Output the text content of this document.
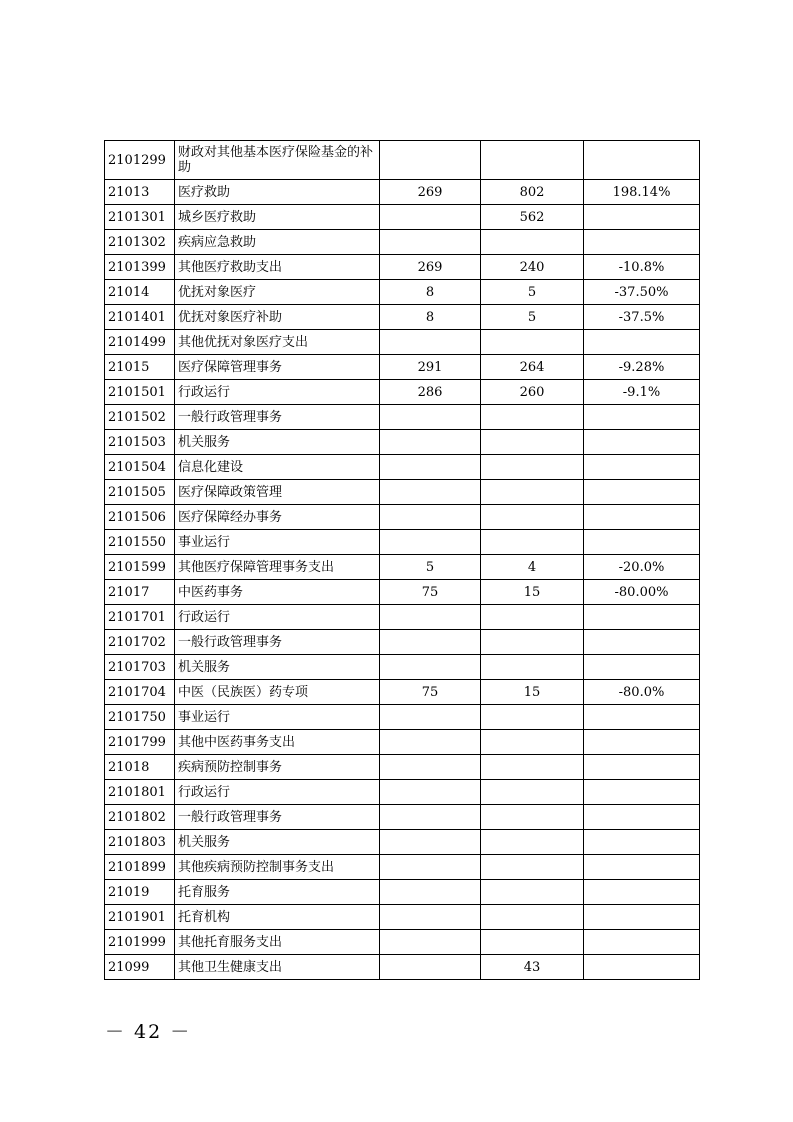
2101299	财政对其他基本医疗保险基金的补助			
21013	医疗救助	269	802	198.14%
2101301	城乡医疗救助		562	
2101302	疾病应急救助			
2101399	其他医疗救助支出	269	240	-10.8%
21014	优抚对象医疗	8	5	-37.50%
2101401	优抚对象医疗补助	8	5	-37.5%
2101499	其他优抚对象医疗支出			
21015	医疗保障管理事务	291	264	-9.28%
2101501	行政运行	286	260	-9.1%
2101502	一般行政管理事务			
2101503	机关服务			
2101504	信息化建设			
2101505	医疗保障政策管理			
2101506	医疗保障经办事务			
2101550	事业运行			
2101599	其他医疗保障管理事务支出	5	4	-20.0%
21017	中医药事务	75	15	-80.00%
2101701	行政运行			
2101702	一般行政管理事务			
2101703	机关服务			
2101704	中医（民族医）药专项	75	15	-80.0%
2101750	事业运行			
2101799	其他中医药事务支出			
21018	疾病预防控制事务			
2101801	行政运行			
2101802	一般行政管理事务			
2101803	机关服务			
2101899	其他疾病预防控制事务支出			
21019	托育服务			
2101901	托育机构			
2101999	其他托育服务支出			
21099	其他卫生健康支出		43	
－ 42 －
